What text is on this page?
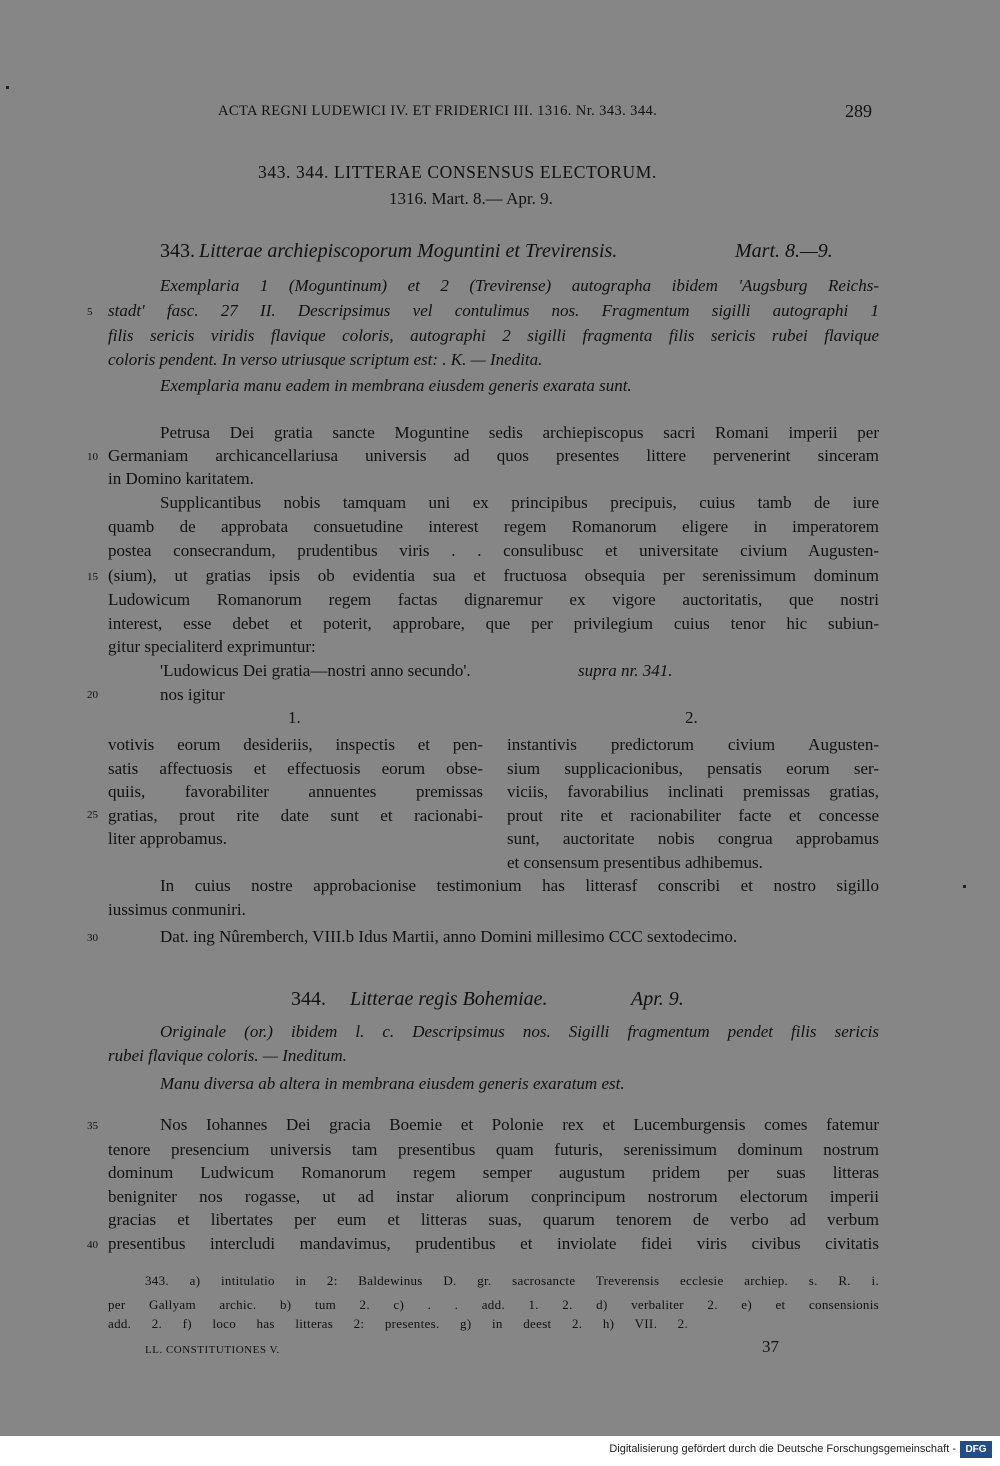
ACTA REGNI LUDEWICI IV. ET FRIDERICI III. 1316. Nr. 343. 344.	289
343. 344. LITTERAE CONSENSUS ELECTORUM.
1316. Mart. 8.— Apr. 9.
343. Litterae archiepiscoporum Moguntini et Trevirensis.	Mart. 8.—9.
Exemplaria 1 (Moguntinum) et 2 (Trevirense) autographa ibidem 'Augsburg Reichs-
stadt' fasc. 27 II. Descripsimus vel contulimus nos. Fragmentum sigilli autographi 1
filis sericis viridis flavique coloris, autographi 2 sigilli fragmenta filis sericis rubei flavique
coloris pendent. In verso utriusque scriptum est: . K. — Inedita.
Exemplaria manu eadem in membrana eiusdem generis exarata sunt.
Petrusa Dei gratia sancte Moguntine sedis archiepiscopus sacri Romani imperii per
Germaniam archicancellariusa universis ad quos presentes littere pervenerint sinceram
in Domino karitatem.
Supplicantibus nobis tamquam uni ex principibus precipuis, cuius tamb de iure
quamb de approbata consuetudine interest regem Romanorum eligere in imperatorem
postea consecrandum, prudentibus viris . . consulibusc et universitate civium Augusten-
(sium), ut gratias ipsis ob evidentia sua et fructuosa obsequia per serenissimum dominum
Ludowicum Romanorum regem factas dignaremur ex vigore auctoritatis, que nostri
interest, esse debet et poterit, approbare, que per privilegium cuius tenor hic subiun-
gitur specialiterd exprimuntur:
'Ludowicus Dei gratia—nostri anno secundo'.	supra nr. 341.
nos igitur
1.	2.
votivis eorum desideriis, inspectis et pen-
satis affectuosis et effectuosis eorum obse-
quiis, favorabiliter annuentes premissas
gratias, prout rite date sunt et racionabi-
liter approbamus.
instantivis predictorum civium Augusten-
sium supplicacionibus, pensatis eorum ser-
viciis, favorabilius inclinati premissas gratias,
prout rite et racionabiliter facte et concesse
sunt, auctoritate nobis congrua approbamus
et consensum presentibus adhibemus.
In cuius nostre approbacionise testimonium has litterasf conscribi et nostro sigillo
iussimus conmuniri.
Dat. ing Nûremberch, VIII.b Idus Martii, anno Domini millesimo CCC sextodecimo.
344. Litterae regis Bohemiae.	Apr. 9.
Originale (or.) ibidem l. c. Descripsimus nos. Sigilli fragmentum pendet filis sericis
rubei flavique coloris. — Ineditum.
Manu diversa ab altera in membrana eiusdem generis exaratum est.
Nos Iohannes Dei gracia Boemie et Polonie rex et Lucemburgensis comes fatemur
tenore presencium universis tam presentibus quam futuris, serenissimum dominum nostrum
dominum Ludwicum Romanorum regem semper augustum pridem per suas litteras
benigniter nos rogasse, ut ad instar aliorum conprincipum nostrorum electorum imperii
gracias et libertates per eum et litteras suas, quarum tenorem de verbo ad verbum
presentibus intercludi mandavimus, prudentibus et inviolate fidei viris civibus civitatis
5
10
15
20
25
30
35
40
343. a) intitulatio in 2: Baldewinus D. gr. sacrosancte Treverensis ecclesie archiep. s. R. i.
per Gallyam archic. b) tum 2. c) . . add. 1. 2. d) verbaliter 2. e) et consensionis
add. 2. f) loco has litteras 2: presentes. g) in deest 2. h) VII. 2.
LL. CONSTITUTIONES V.	37
Digitalisierung gefördert durch die Deutsche Forschungsgemeinschaft - DFG
